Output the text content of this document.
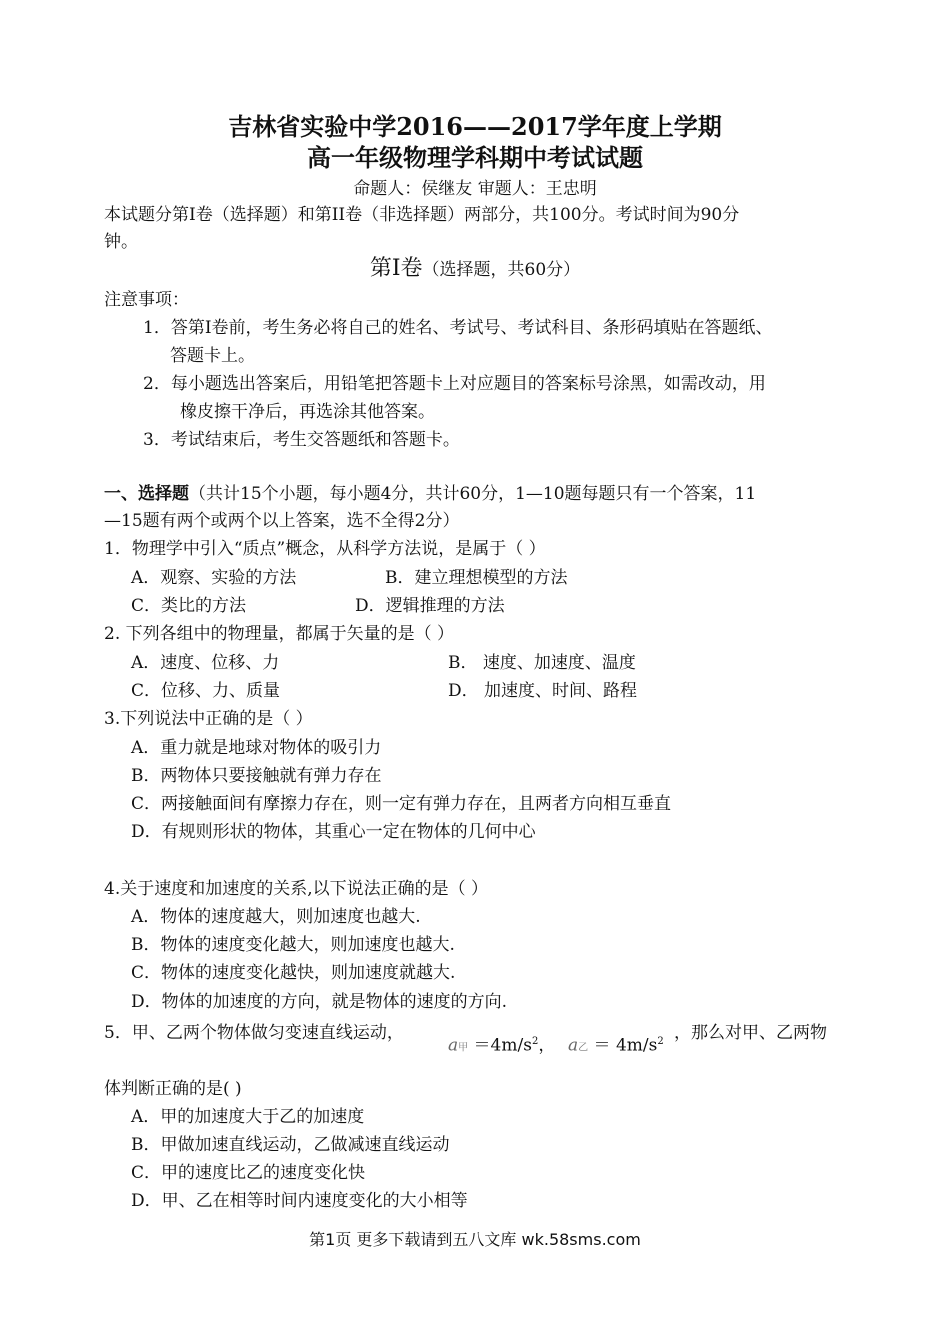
吉林省实验中学2016——2017学年度上学期
高一年级物理学科期中考试试题
命题人：侯继友 审题人：王忠明
本试题分第I卷（选择题）和第II卷（非选择题）两部分，共100分。考试时间为90分
钟。
第I卷（选择题，共60分）
注意事项：
1．答第I卷前，考生务必将自己的姓名、考试号、考试科目、条形码填贴在答题纸、
答题卡上。
2．每小题选出答案后，用铅笔把答题卡上对应题目的答案标号涂黑，如需改动，用
橡皮擦干净后，再选涂其他答案。
3．考试结束后，考生交答题纸和答题卡。
一、选择题（共计15个小题，每小题4分，共计60分，1—10题每题只有一个答案，11
—15题有两个或两个以上答案，选不全得2分）
1．物理学中引入“质点”概念，从科学方法说，是属于（ ）
A．观察、实验的方法	B．建立理想模型的方法
C．类比的方法	D．逻辑推理的方法
2. 下列各组中的物理量，都属于矢量的是（ ）
A．速度、位移、力	B． 速度、加速度、温度
C．位移、力、质量	D． 加速度、时间、路程
3.下列说法中正确的是（ ）
A．重力就是地球对物体的吸引力
B．两物体只要接触就有弹力存在
C．两接触面间有摩擦力存在，则一定有弹力存在，且两者方向相互垂直
D．有规则形状的物体，其重心一定在物体的几何中心
4.关于速度和加速度的关系,以下说法正确的是（ ）
A．物体的速度越大，则加速度也越大.
B．物体的速度变化越大，则加速度也越大.
C．物体的速度变化越快，则加速度就越大.
D．物体的加速度的方向，就是物体的速度的方向.
5．甲、乙两个物体做匀变速直线运动，
a甲 $=4m/s^2$， a乙 ＝ $4m/s^2$ ，那么对甲、乙两物
体判断正确的是( )
A．甲的加速度大于乙的加速度
B．甲做加速直线运动，乙做减速直线运动
C．甲的速度比乙的速度变化快
D．甲、乙在相等时间内速度变化的大小相等
第1页 更多下载请到五八文库 wk.58sms.com
